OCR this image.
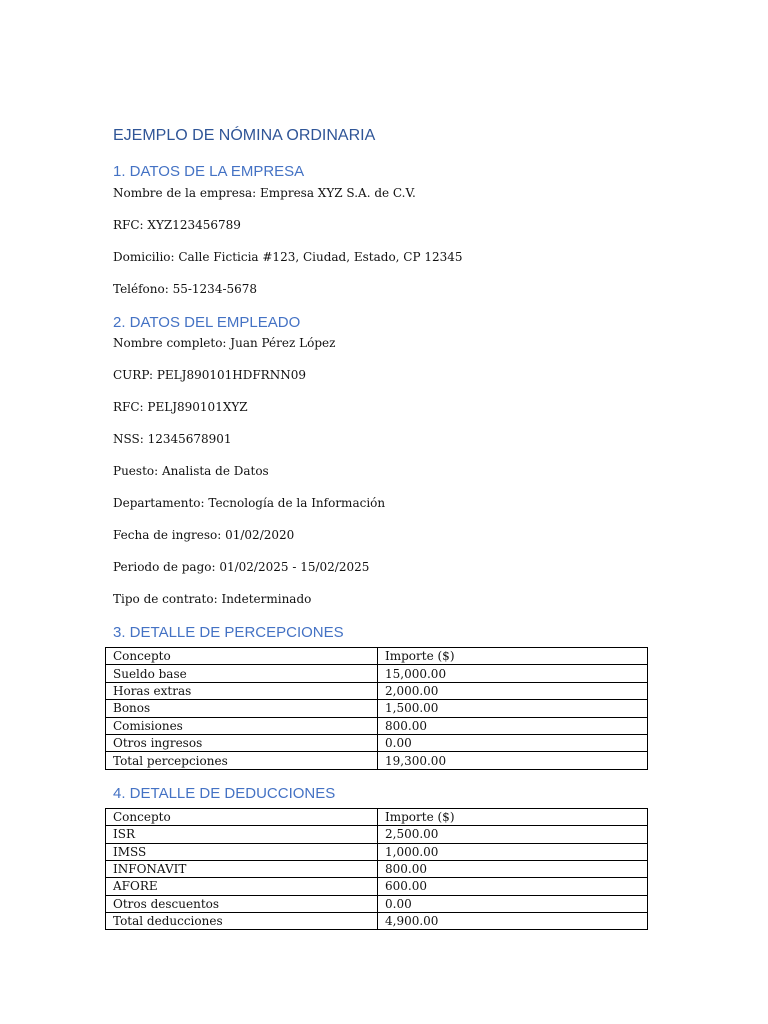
EJEMPLO DE NÓMINA ORDINARIA
1. DATOS DE LA EMPRESA
Nombre de la empresa: Empresa XYZ S.A. de C.V.
RFC: XYZ123456789
Domicilio: Calle Ficticia #123, Ciudad, Estado, CP 12345
Teléfono: 55-1234-5678
2. DATOS DEL EMPLEADO
Nombre completo: Juan Pérez López
CURP: PELJ890101HDFRNN09
RFC: PELJ890101XYZ
NSS: 12345678901
Puesto: Analista de Datos
Departamento: Tecnología de la Información
Fecha de ingreso: 01/02/2020
Periodo de pago: 01/02/2025 - 15/02/2025
Tipo de contrato: Indeterminado
3. DETALLE DE PERCEPCIONES
Concepto	Importe ($)
Sueldo base	15,000.00
Horas extras	2,000.00
Bonos	1,500.00
Comisiones	800.00
Otros ingresos	0.00
Total percepciones	19,300.00
4. DETALLE DE DEDUCCIONES
Concepto	Importe ($)
ISR	2,500.00
IMSS	1,000.00
INFONAVIT	800.00
AFORE	600.00
Otros descuentos	0.00
Total deducciones	4,900.00
